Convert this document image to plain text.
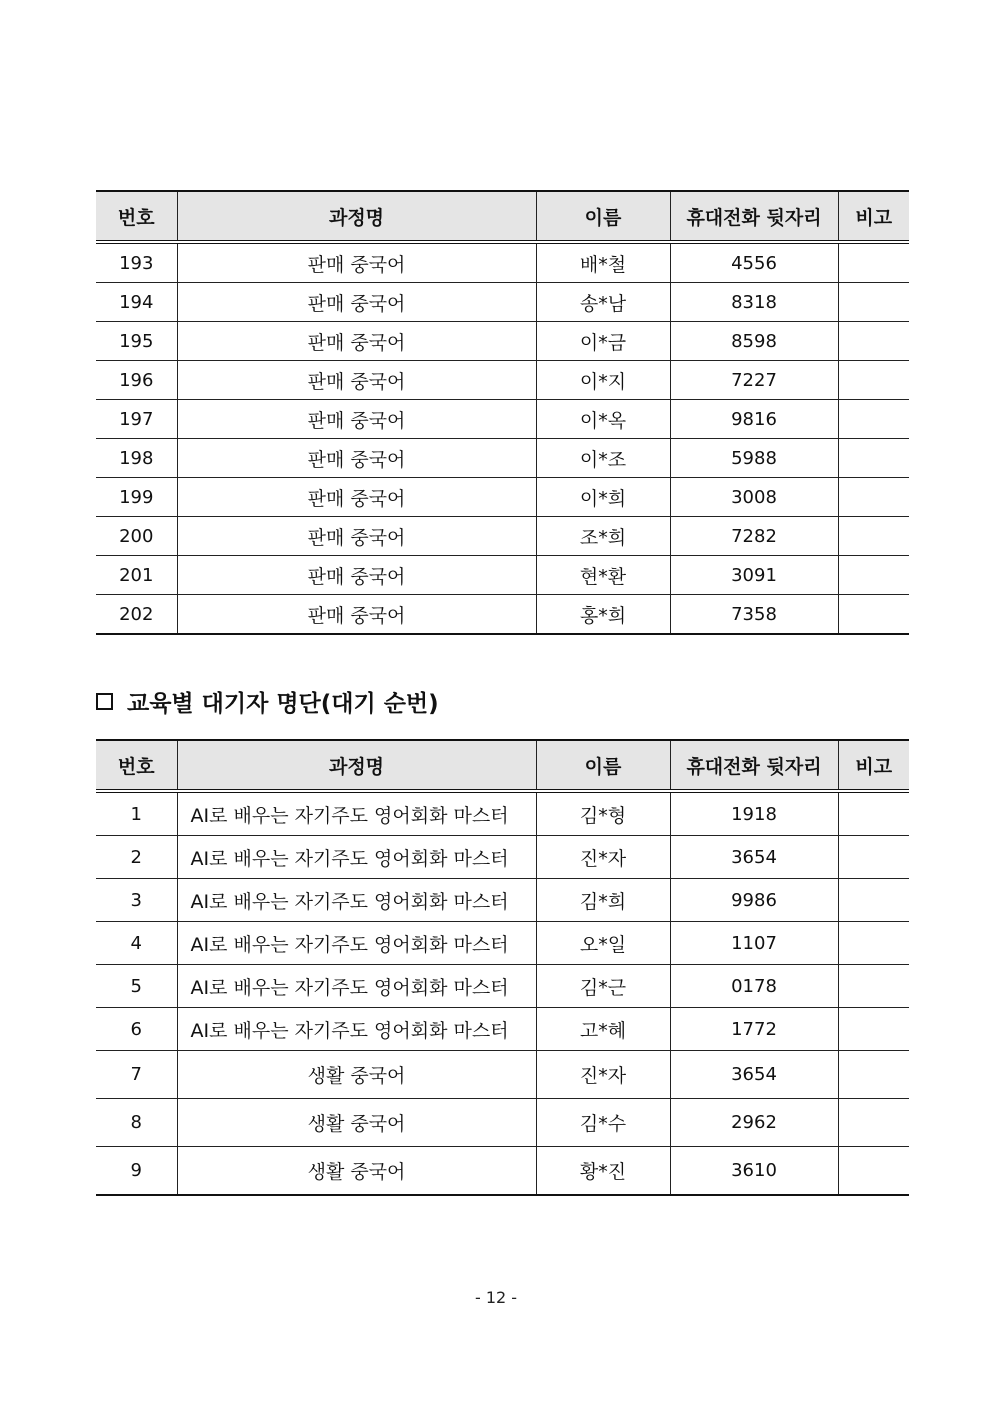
번호	과정명	이름	휴대전화 뒷자리	비고
193	판매 중국어	배*철	4556	
194	판매 중국어	송*남	8318	
195	판매 중국어	이*금	8598	
196	판매 중국어	이*지	7227	
197	판매 중국어	이*옥	9816	
198	판매 중국어	이*조	5988	
199	판매 중국어	이*희	3008	
200	판매 중국어	조*희	7282	
201	판매 중국어	현*환	3091	
202	판매 중국어	홍*희	7358	
교육별 대기자 명단(대기 순번)
번호	과정명	이름	휴대전화 뒷자리	비고
1	AI로 배우는 자기주도 영어회화 마스터	김*형	1918	
2	AI로 배우는 자기주도 영어회화 마스터	진*자	3654	
3	AI로 배우는 자기주도 영어회화 마스터	김*희	9986	
4	AI로 배우는 자기주도 영어회화 마스터	오*일	1107	
5	AI로 배우는 자기주도 영어회화 마스터	김*근	0178	
6	AI로 배우는 자기주도 영어회화 마스터	고*혜	1772	
7	생활 중국어	진*자	3654	
8	생활 중국어	김*수	2962	
9	생활 중국어	황*진	3610	
- 12 -
